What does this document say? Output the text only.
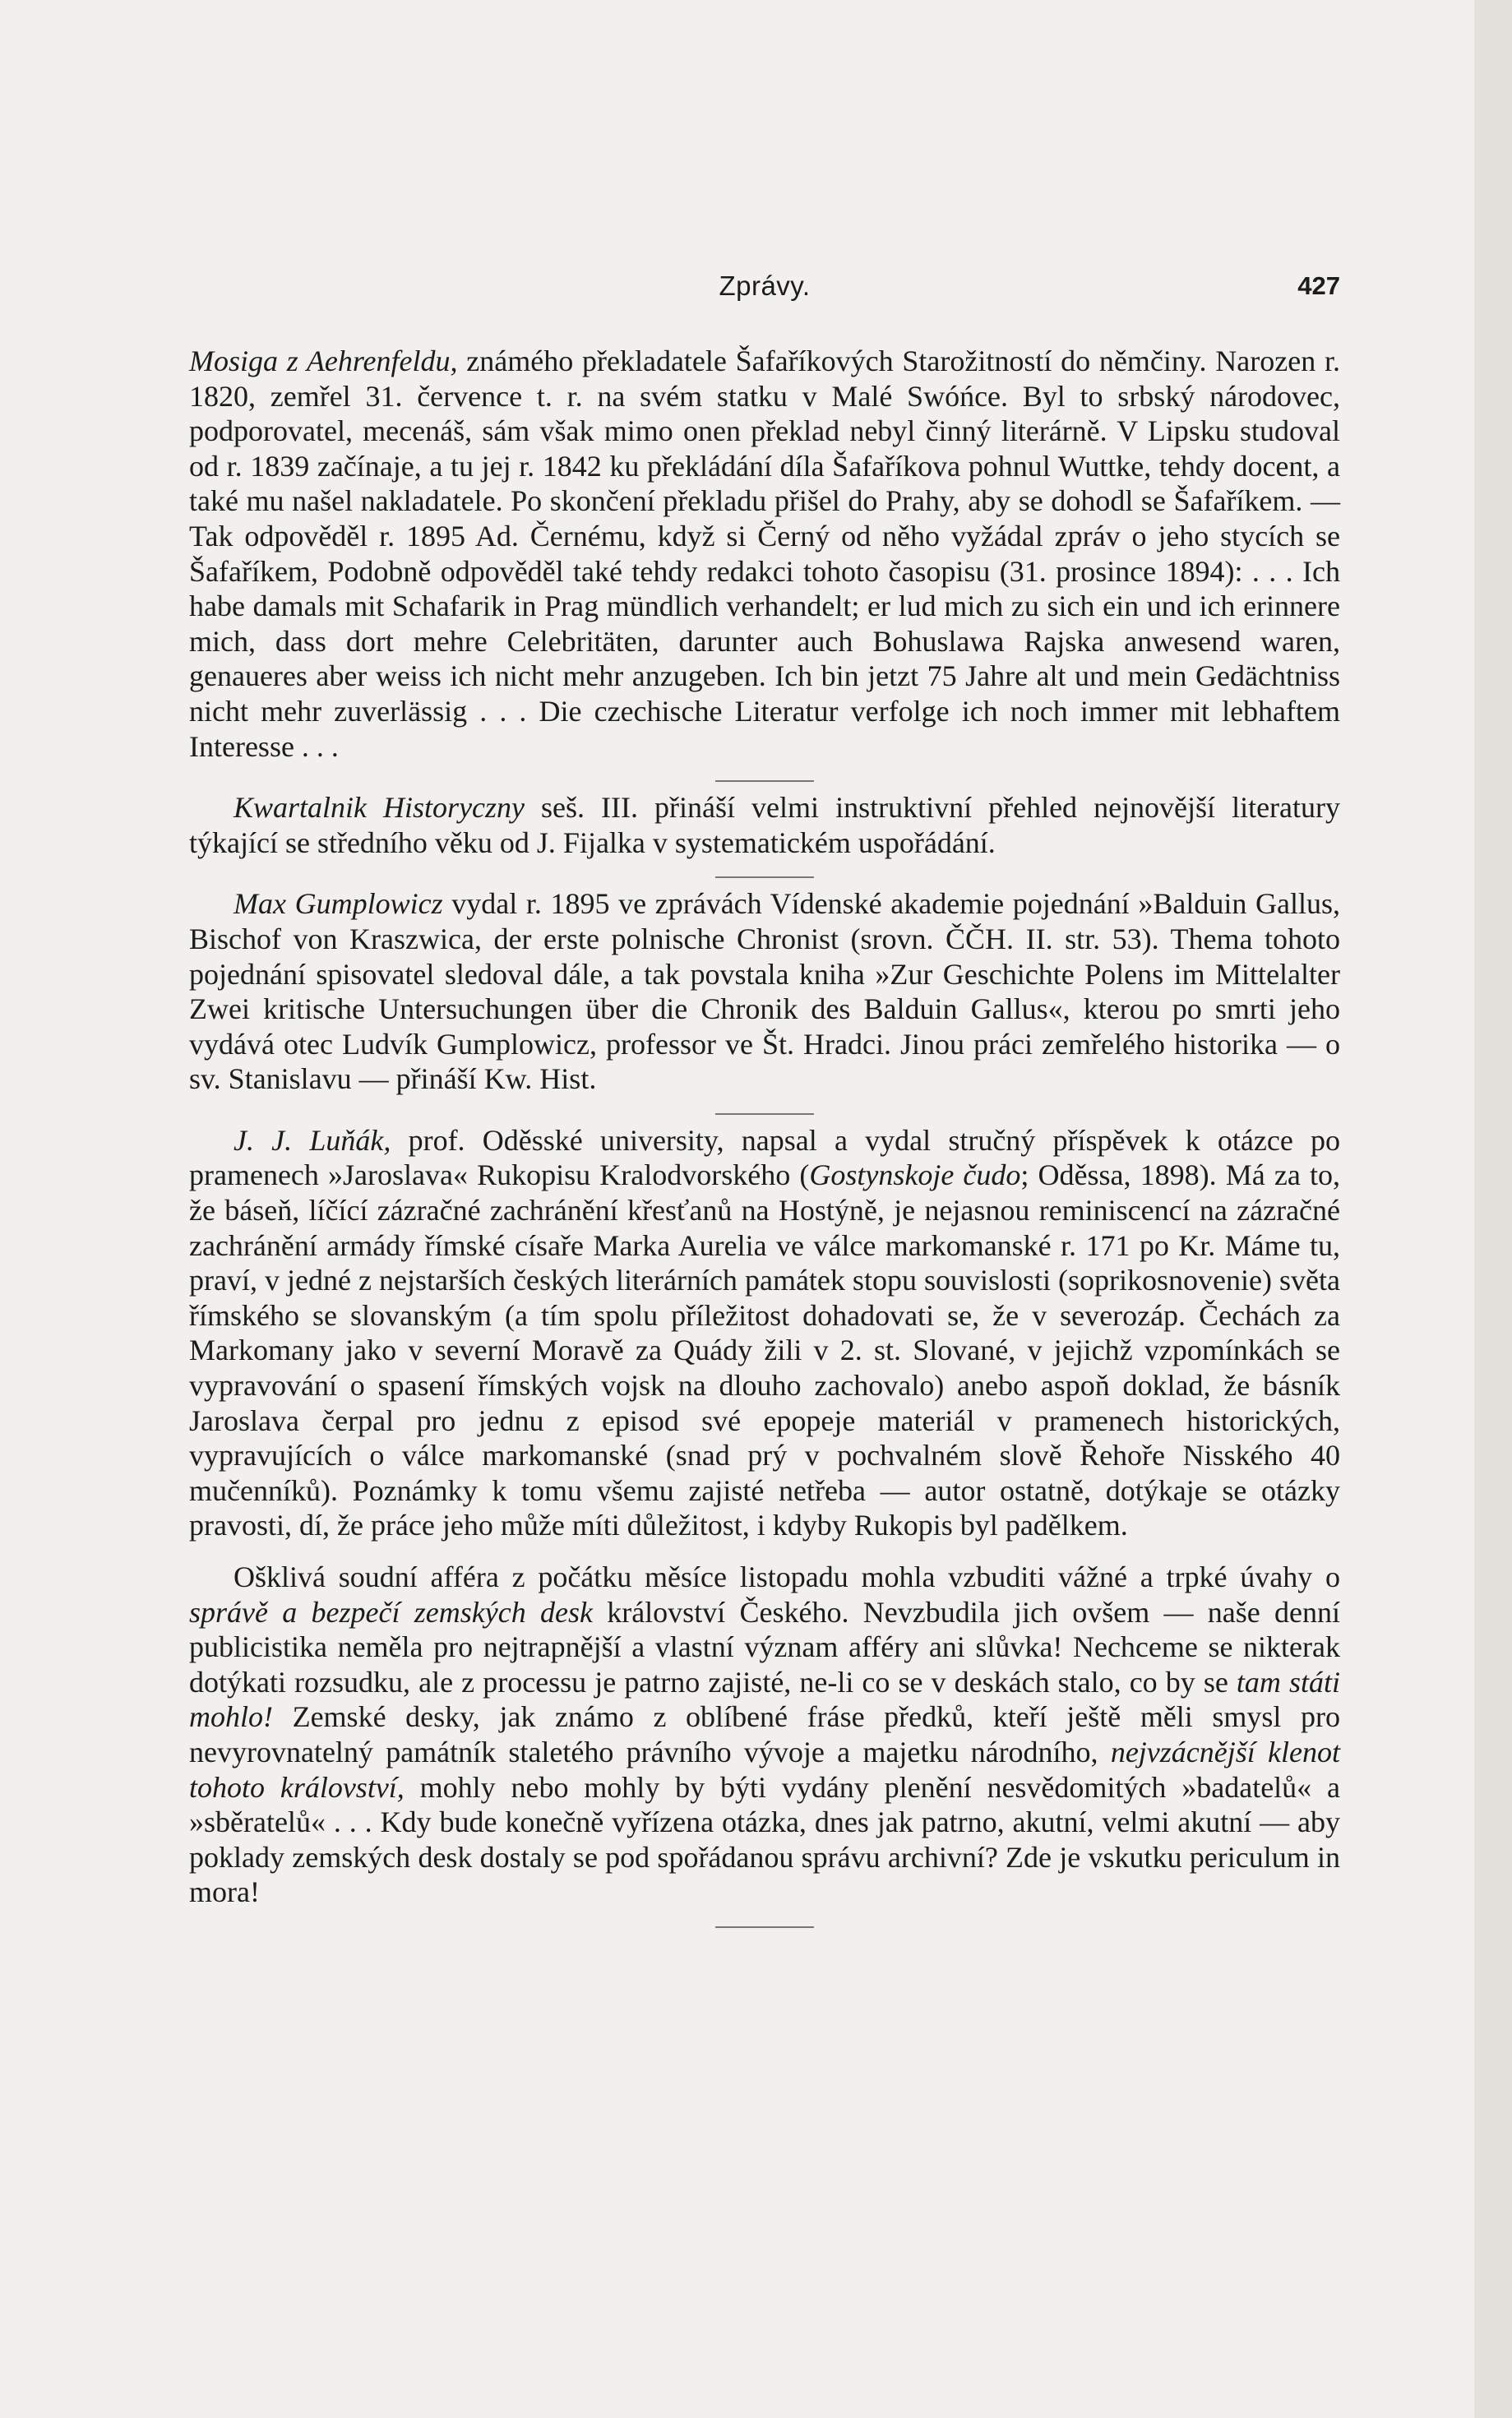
Zprávy.	427

Mosiga z Aehrenfeldu, známého překladatele Šafaříkových Starožitností do němčiny. Narozen r. 1820, zemřel 31. července t. r. na svém statku v Malé Swóńce. Byl to srbský národovec, podporovatel, mecenáš, sám však mimo onen překlad nebyl činný literárně. V Lipsku studoval od r. 1839 začínaje, a tu jej r. 1842 ku překládání díla Šafaříkova pohnul Wuttke, tehdy docent, a také mu našel nakladatele. Po skončení překladu přišel do Prahy, aby se dohodl se Šafaříkem. — Tak odpověděl r. 1895 Ad. Černému, když si Černý od něho vyžádal zpráv o jeho stycích se Šafaříkem, Podobně odpověděl také tehdy redakci tohoto časopisu (31. prosince 1894): . . . Ich habe damals mit Schafarik in Prag mündlich verhandelt; er lud mich zu sich ein und ich erinnere mich, dass dort mehre Celebritäten, darunter auch Bohuslawa Rajska anwesend waren, genaueres aber weiss ich nicht mehr anzugeben. Ich bin jetzt 75 Jahre alt und mein Gedächtniss nicht mehr zuverlässig . . . Die czechische Literatur verfolge ich noch immer mit lebhaftem Interesse . . .

Kwartalnik Historyczny seš. III. přináší velmi instruktivní přehled nejnovější literatury týkající se středního věku od J. Fijalka v systematickém uspořádání.

Max Gumplowicz vydal r. 1895 ve zprávách Vídenské akademie pojednání »Balduin Gallus, Bischof von Kraszwica, der erste polnische Chronist (srovn. ČČH. II. str. 53). Thema tohoto pojednání spisovatel sledoval dále, a tak povstala kniha »Zur Geschichte Polens im Mittelalter Zwei kritische Untersuchungen über die Chronik des Balduin Gallus«, kterou po smrti jeho vydává otec Ludvík Gumplowicz, professor ve Št. Hradci. Jinou práci zemřelého historika — o sv. Stanislavu — přináší Kw. Hist.

J. J. Luňák, prof. Oděsské university, napsal a vydal stručný příspěvek k otázce po pramenech »Jaroslava« Rukopisu Kralodvorského (Gostynskoje čudo; Oděssa, 1898). Má za to, že báseň, líčící zázračné zachránění křesťanů na Hostýně, je nejasnou reminiscencí na zázračné zachránění armády římské císaře Marka Aurelia ve válce markomanské r. 171 po Kr. Máme tu, praví, v jedné z nejstarších českých literárních památek stopu souvislosti (soprikosnovenie) světa římského se slovanským (a tím spolu příležitost dohadovati se, že v severozáp. Čechách za Markomany jako v severní Moravě za Quády žili v 2. st. Slované, v jejichž vzpomínkách se vypravování o spasení římských vojsk na dlouho zachovalo) anebo aspoň doklad, že básník Jaroslava čerpal pro jednu z episod své epopeje materiál v pramenech historických, vypravujících o válce markomanské (snad prý v pochvalném slově Řehoře Nisského 40 mučenníků). Poznámky k tomu všemu zajisté netřeba — autor ostatně, dotýkaje se otázky pravosti, dí, že práce jeho může míti důležitost, i kdyby Rukopis byl padělkem.

Ošklivá soudní afféra z počátku měsíce listopadu mohla vzbuditi vážné a trpké úvahy o správě a bezpečí zemských desk království Českého. Nevzbudila jich ovšem — naše denní publicistika neměla pro nejtrapnější a vlastní význam afféry ani slůvka! Nechceme se nikterak dotýkati rozsudku, ale z processu je patrno zajisté, ne-li co se v deskách stalo, co by se tam státi mohlo! Zemské desky, jak známo z oblíbené fráse předků, kteří ještě měli smysl pro nevyrovnatelný památník staletého právního vývoje a majetku národního, nejvzácnější klenot tohoto království, mohly nebo mohly by býti vydány plenění nesvědomitých »badatelů« a »sběratelů« . . . Kdy bude konečně vyřízena otázka, dnes jak patrno, akutní, velmi akutní — aby poklady zemských desk dostaly se pod spořádanou správu archivní? Zde je vskutku periculum in mora!
